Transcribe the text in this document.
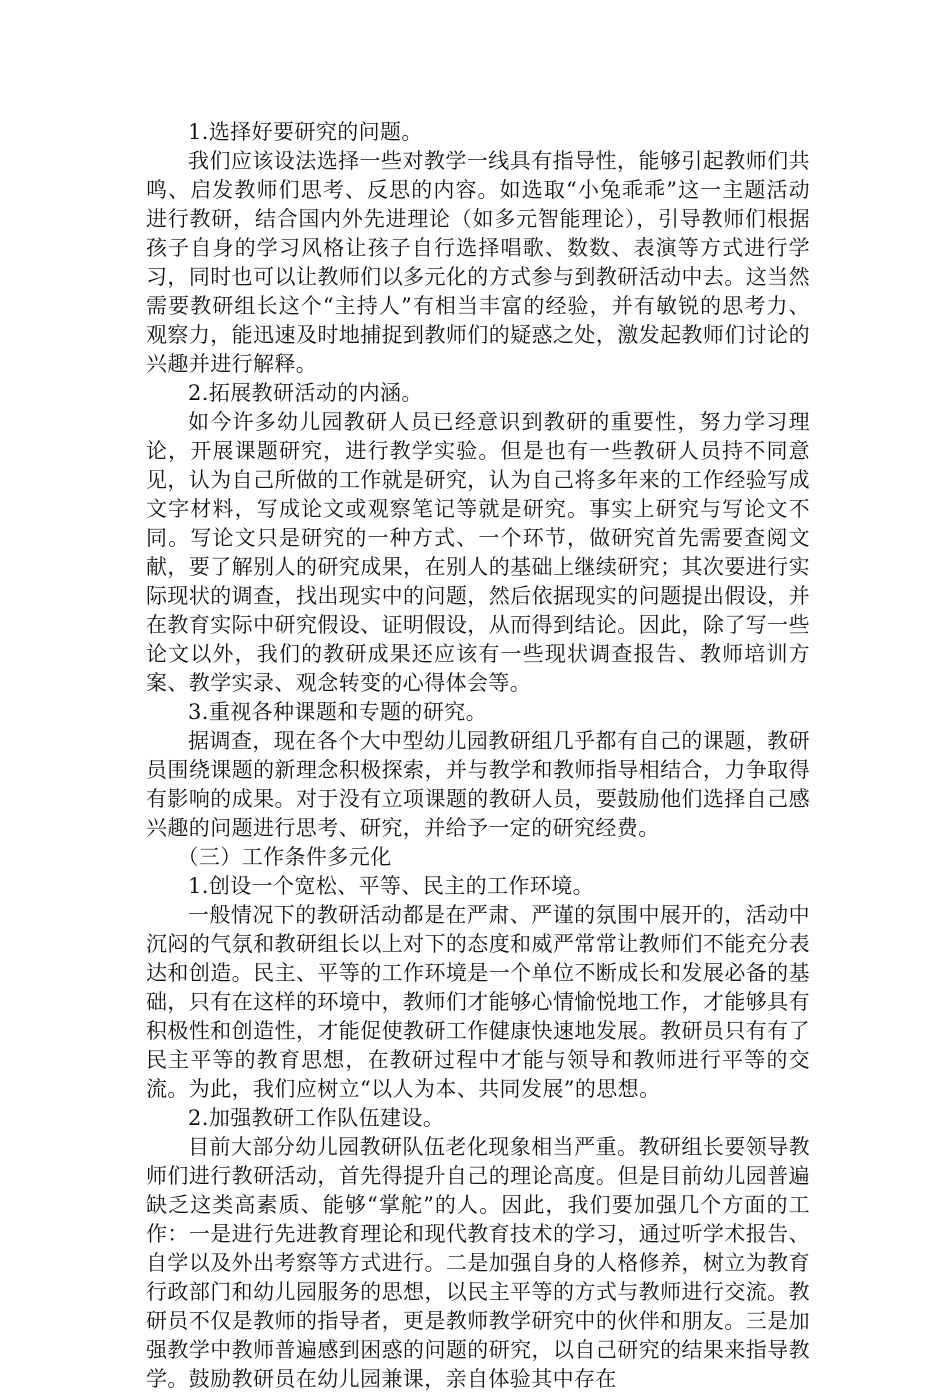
1.选择好要研究的问题。

我们应该设法选择一些对教学一线具有指导性，能够引起教师们共鸣、启发教师们思考、反思的内容。如选取“小兔乖乖”这一主题活动进行教研，结合国内外先进理论（如多元智能理论），引导教师们根据孩子自身的学习风格让孩子自行选择唱歌、数数、表演等方式进行学习，同时也可以让教师们以多元化的方式参与到教研活动中去。这当然需要教研组长这个“主持人”有相当丰富的经验，并有敏锐的思考力、观察力，能迅速及时地捕捉到教师们的疑惑之处，激发起教师们讨论的兴趣并进行解释。

2.拓展教研活动的内涵。

如今许多幼儿园教研人员已经意识到教研的重要性，努力学习理论，开展课题研究，进行教学实验。但是也有一些教研人员持不同意见，认为自己所做的工作就是研究，认为自己将多年来的工作经验写成文字材料，写成论文或观察笔记等就是研究。事实上研究与写论文不同。写论文只是研究的一种方式、一个环节，做研究首先需要查阅文献，要了解别人的研究成果，在别人的基础上继续研究；其次要进行实际现状的调查，找出现实中的问题，然后依据现实的问题提出假设，并在教育实际中研究假设、证明假设，从而得到结论。因此，除了写一些论文以外，我们的教研成果还应该有一些现状调查报告、教师培训方案、教学实录、观念转变的心得体会等。

3.重视各种课题和专题的研究。

据调查，现在各个大中型幼儿园教研组几乎都有自己的课题，教研员围绕课题的新理念积极探索，并与教学和教师指导相结合，力争取得有影响的成果。对于没有立项课题的教研人员，要鼓励他们选择自己感兴趣的问题进行思考、研究，并给予一定的研究经费。

（三）工作条件多元化

1.创设一个宽松、平等、民主的工作环境。

一般情况下的教研活动都是在严肃、严谨的氛围中展开的，活动中沉闷的气氛和教研组长以上对下的态度和威严常常让教师们不能充分表达和创造。民主、平等的工作环境是一个单位不断成长和发展必备的基础，只有在这样的环境中，教师们才能够心情愉悦地工作，才能够具有积极性和创造性，才能促使教研工作健康快速地发展。教研员只有有了民主平等的教育思想，在教研过程中才能与领导和教师进行平等的交流。为此，我们应树立“以人为本、共同发展”的思想。

2.加强教研工作队伍建设。

目前大部分幼儿园教研队伍老化现象相当严重。教研组长要领导教师们进行教研活动，首先得提升自己的理论高度。但是目前幼儿园普遍缺乏这类高素质、能够“掌舵”的人。因此，我们要加强几个方面的工作：一是进行先进教育理论和现代教育技术的学习，通过听学术报告、自学以及外出考察等方式进行。二是加强自身的人格修养，树立为教育行政部门和幼儿园服务的思想，以民主平等的方式与教师进行交流。教研员不仅是教师的指导者，更是教师教学研究中的伙伴和朋友。三是加强教学中教师普遍感到困惑的问题的研究，以自己研究的结果来指导教学。鼓励教研员在幼儿园兼课，亲自体验其中存在
